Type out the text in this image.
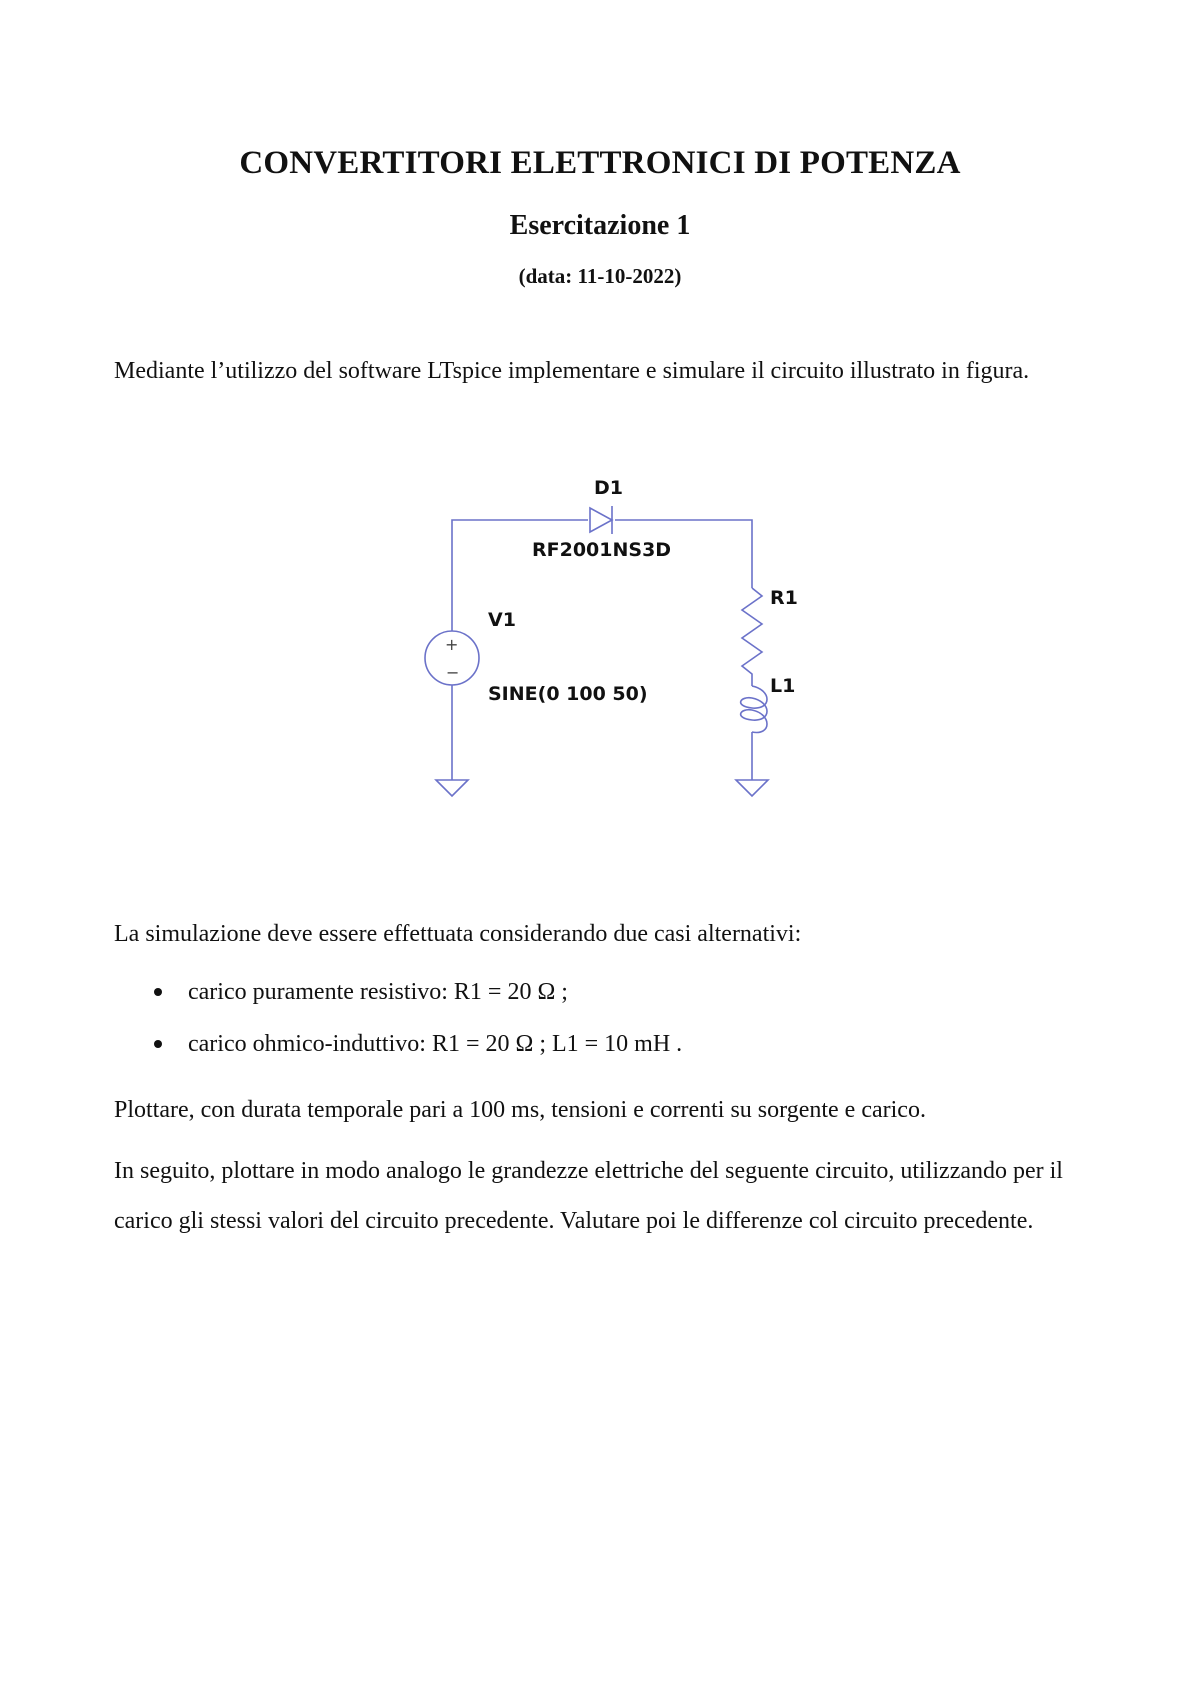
CONVERTITORI ELETTRONICI DI POTENZA
Esercitazione 1
(data: 11-10-2022)
Mediante l’utilizzo del software LTspice implementare e simulare il circuito illustrato in figura.
D1
RF2001NS3D
V1
SINE(0 100 50)
R1
L1
+
−
La simulazione deve essere effettuata considerando due casi alternativi:
carico puramente resistivo: R1 = 20 Ω ;
carico ohmico-induttivo: R1 = 20 Ω ; L1 = 10 mH .
Plottare, con durata temporale pari a 100 ms, tensioni e correnti su sorgente e carico.
In seguito, plottare in modo analogo le grandezze elettriche del seguente circuito, utilizzando per il carico gli stessi valori del circuito precedente. Valutare poi le differenze col circuito precedente.
